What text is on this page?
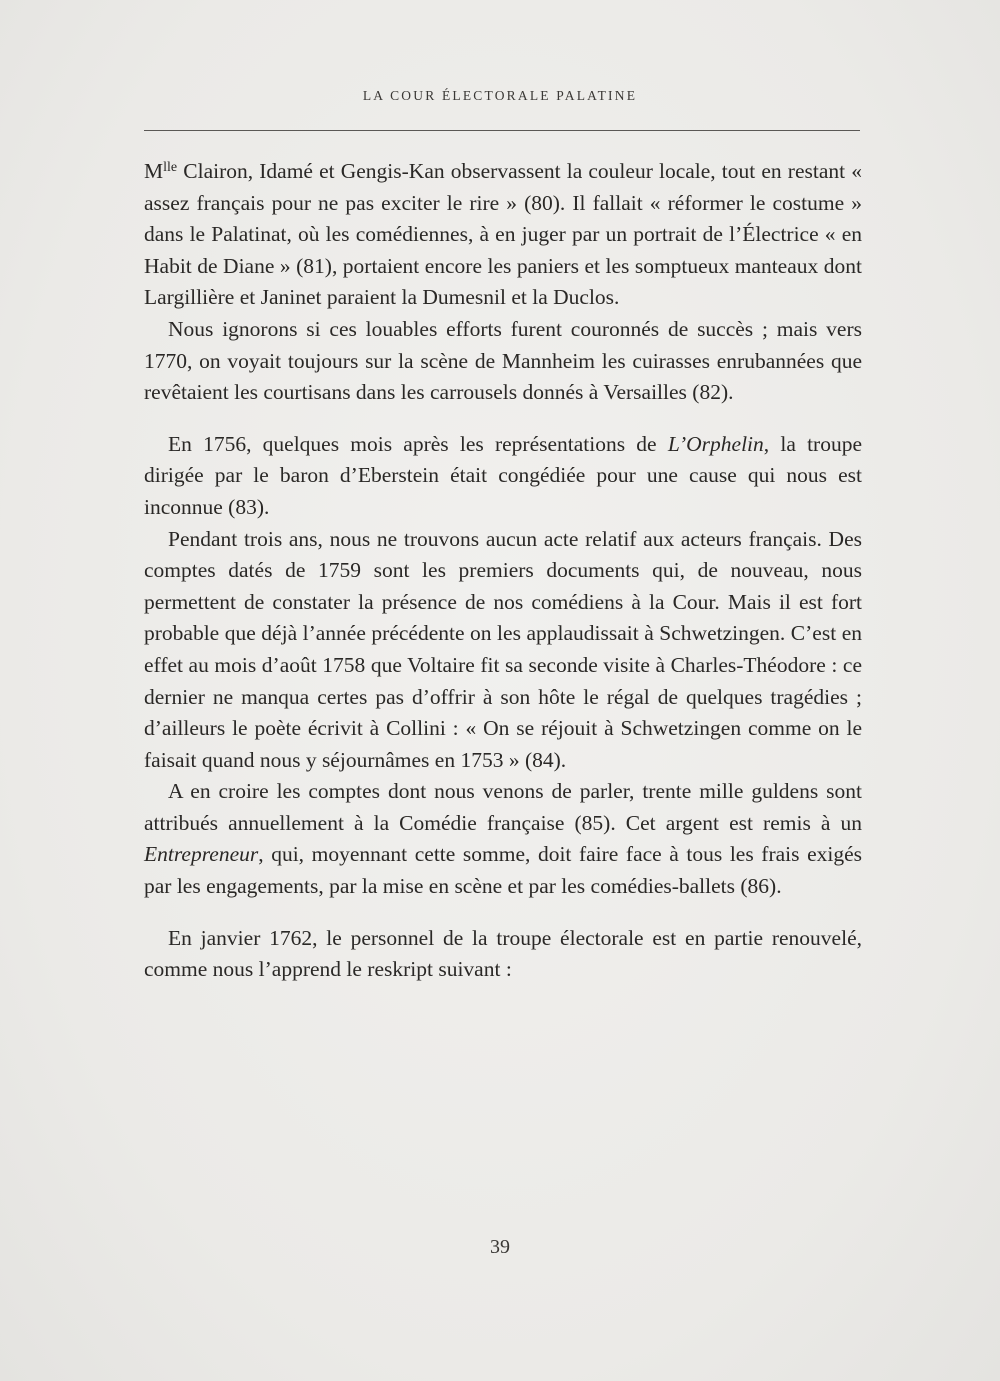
LA COUR ÉLECTORALE PALATINE

$M^{lle}$ Clairon, Idamé et Gengis-Kan observassent la couleur locale, tout en restant « assez français pour ne pas exciter le rire » (80). Il fallait « réformer le costume » dans le Palatinat, où les comédiennes, à en juger par un portrait de l’Électrice « en Habit de Diane » (81), portaient encore les paniers et les somptueux manteaux dont Largillière et Janinet paraient la Dumesnil et la Duclos.

Nous ignorons si ces louables efforts furent couronnés de succès ; mais vers 1770, on voyait toujours sur la scène de Mannheim les cuirasses enrubannées que revêtaient les courtisans dans les carrousels donnés à Versailles (82).

En 1756, quelques mois après les représentations de L’Orphelin, la troupe dirigée par le baron d’Eberstein était congédiée pour une cause qui nous est inconnue (83).

Pendant trois ans, nous ne trouvons aucun acte relatif aux acteurs français. Des comptes datés de 1759 sont les premiers documents qui, de nouveau, nous permettent de constater la présence de nos comédiens à la Cour. Mais il est fort probable que déjà l’année précédente on les applaudissait à Schwetzingen. C’est en effet au mois d’août 1758 que Voltaire fit sa seconde visite à Charles-Théodore : ce dernier ne manqua certes pas d’offrir à son hôte le régal de quelques tragédies ; d’ailleurs le poète écrivit à Collini : « On se réjouit à Schwetzingen comme on le faisait quand nous y séjournâmes en 1753 » (84).

A en croire les comptes dont nous venons de parler, trente mille guldens sont attribués annuellement à la Comédie française (85). Cet argent est remis à un Entrepreneur, qui, moyennant cette somme, doit faire face à tous les frais exigés par les engagements, par la mise en scène et par les comédies-ballets (86).

En janvier 1762, le personnel de la troupe électorale est en partie renouvelé, comme nous l’apprend le reskript suivant :

39
